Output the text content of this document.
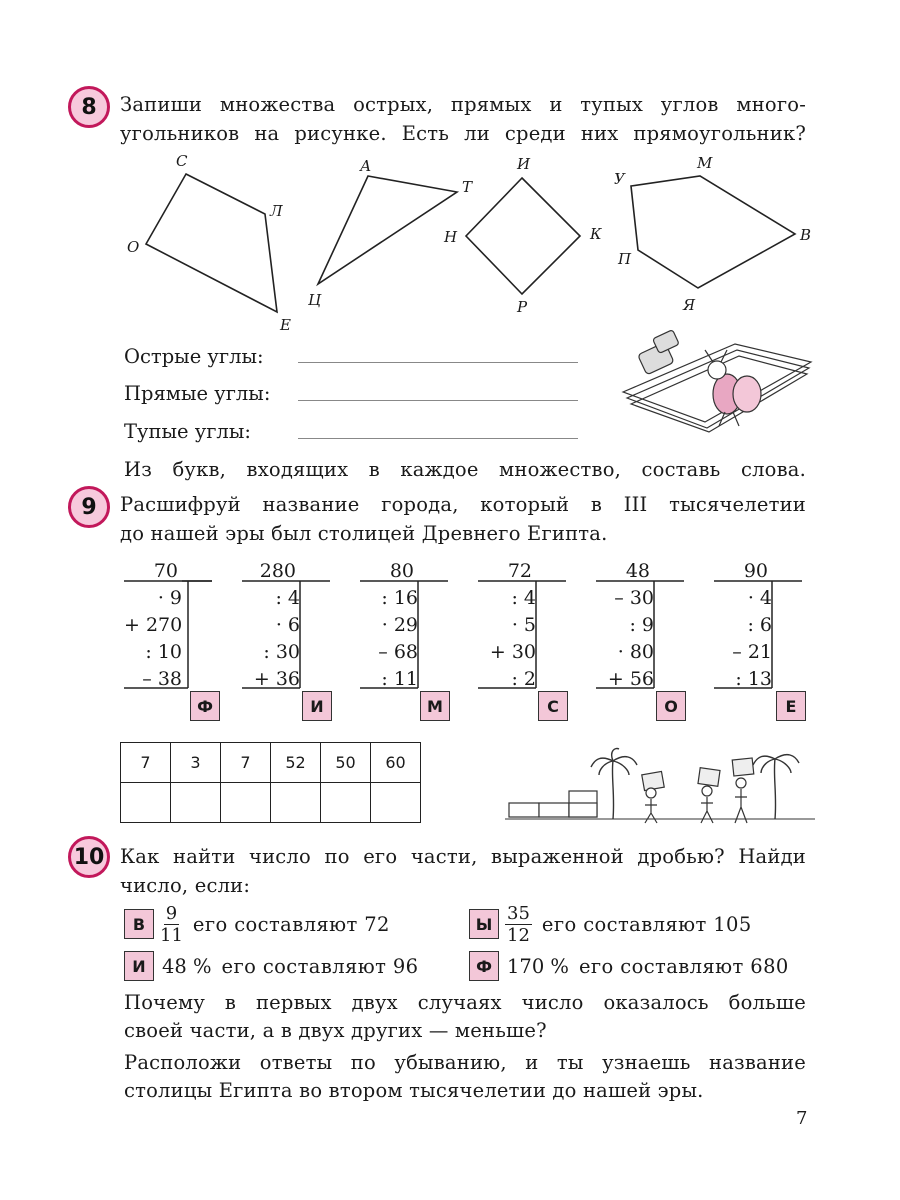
8 Запиши множества острых, прямых и тупых углов много-
угольников на рисунке. Есть ли среди них прямоугольник?
С
Л
О
Е
А
Т
Ц
И
Н	К
Р
У
М
В
П
Я
Острые углы:
Прямые углы:
Тупые углы:
Из букв, входящих в каждое множество, составь слова.
9 Расшифруй название города, который в III тысячелетии
до нашей эры был столицей Древнего Египта.
70
· 9
+ 270
: 10
– 38
280
: 4
· 6
: 30
+ 36
80
: 16
· 29
– 68
: 11
72
: 4
· 5
+ 30
: 2
48
– 30
: 9
· 80
+ 56
90
· 4
: 6
– 21
: 13
Ф	И	М	С	О	Е
7	3	7	52	50	60

10 Как найти число по его части, выраженной дробью? Найди
число, если:
В $\frac{9}{11}$ его составляют 72	Ы $\frac{35}{12}$ его составляют 105
И 48 % его составляют 96	Ф 170 % его составляют 680
Почему в первых двух случаях число оказалось больше
своей части, а в двух других — меньше?
Расположи ответы по убыванию, и ты узнаешь название
столицы Египта во втором тысячелетии до нашей эры.
7
